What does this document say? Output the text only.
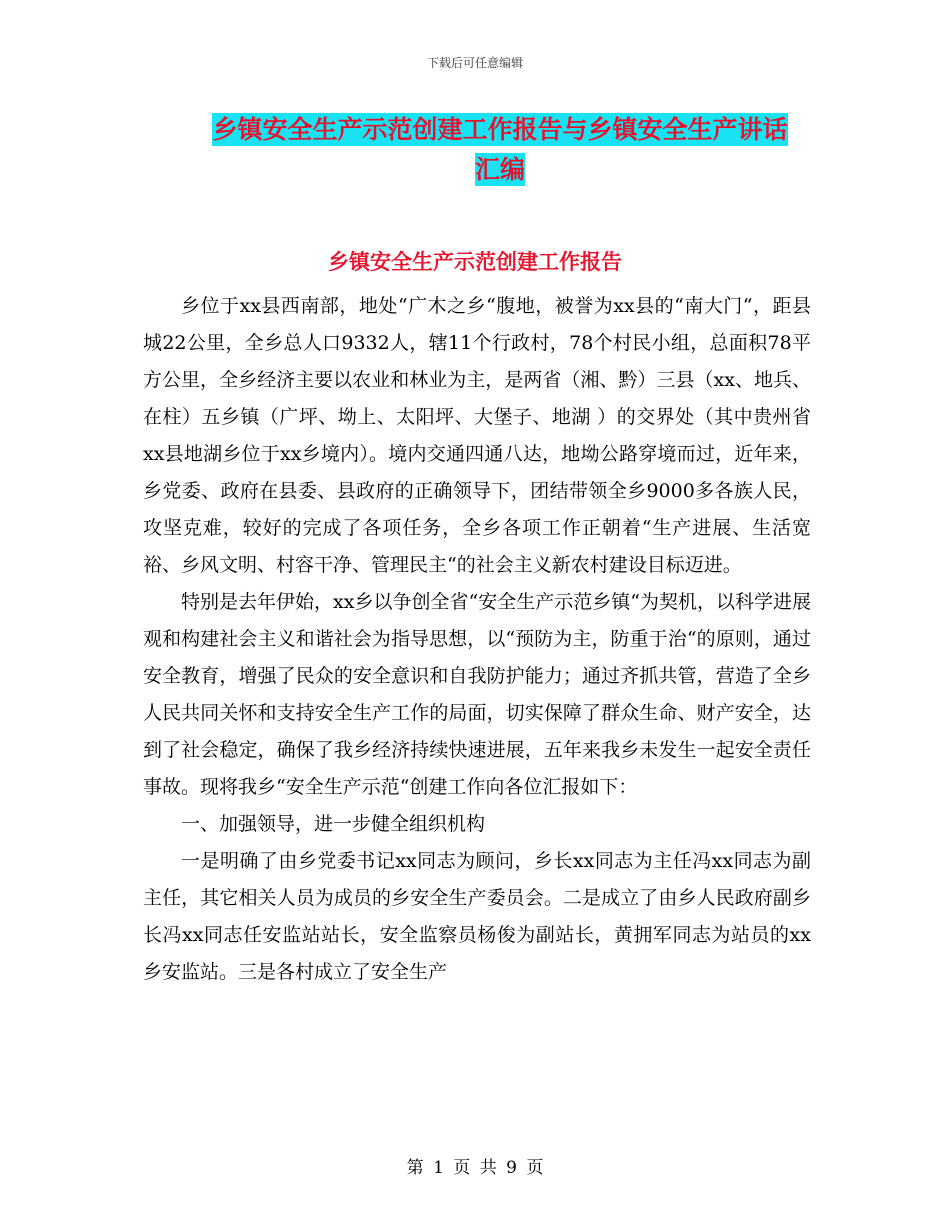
下载后可任意编辑
乡镇安全生产示范创建工作报告与乡镇安全生产讲话
汇编
乡镇安全生产示范创建工作报告

乡位于xx县西南部，地处“广木之乡“腹地，被誉为xx县的“南大门“，距县城22公里，全乡总人口9332人，辖11个行政村，78个村民小组，总面积78平方公里，全乡经济主要以农业和林业为主，是两省（湘、黔）三县（xx、地兵、在柱）五乡镇（广坪、坳上、太阳坪、大堡子、地湖 ）的交界处（其中贵州省xx县地湖乡位于xx乡境内）。境内交通四通八达，地坳公路穿境而过，近年来，乡党委、政府在县委、县政府的正确领导下，团结带领全乡9000多各族人民，攻坚克难，较好的完成了各项任务，全乡各项工作正朝着“生产进展、生活宽裕、乡风文明、村容干净、管理民主“的社会主义新农村建设目标迈进。

特别是去年伊始，xx乡以争创全省“安全生产示范乡镇“为契机，以科学进展观和构建社会主义和谐社会为指导思想，以“预防为主，防重于治“的原则，通过安全教育，增强了民众的安全意识和自我防护能力；通过齐抓共管，营造了全乡人民共同关怀和支持安全生产工作的局面，切实保障了群众生命、财产安全，达到了社会稳定，确保了我乡经济持续快速进展，五年来我乡未发生一起安全责任事故。现将我乡“安全生产示范“创建工作向各位汇报如下：

一、加强领导，进一步健全组织机构

一是明确了由乡党委书记xx同志为顾问，乡长xx同志为主任冯xx同志为副主任，其它相关人员为成员的乡安全生产委员会。二是成立了由乡人民政府副乡长冯xx同志任安监站站长，安全监察员杨俊为副站长，黄拥军同志为站员的xx乡安监站。三是各村成立了安全生产

第 1 页 共 9 页
